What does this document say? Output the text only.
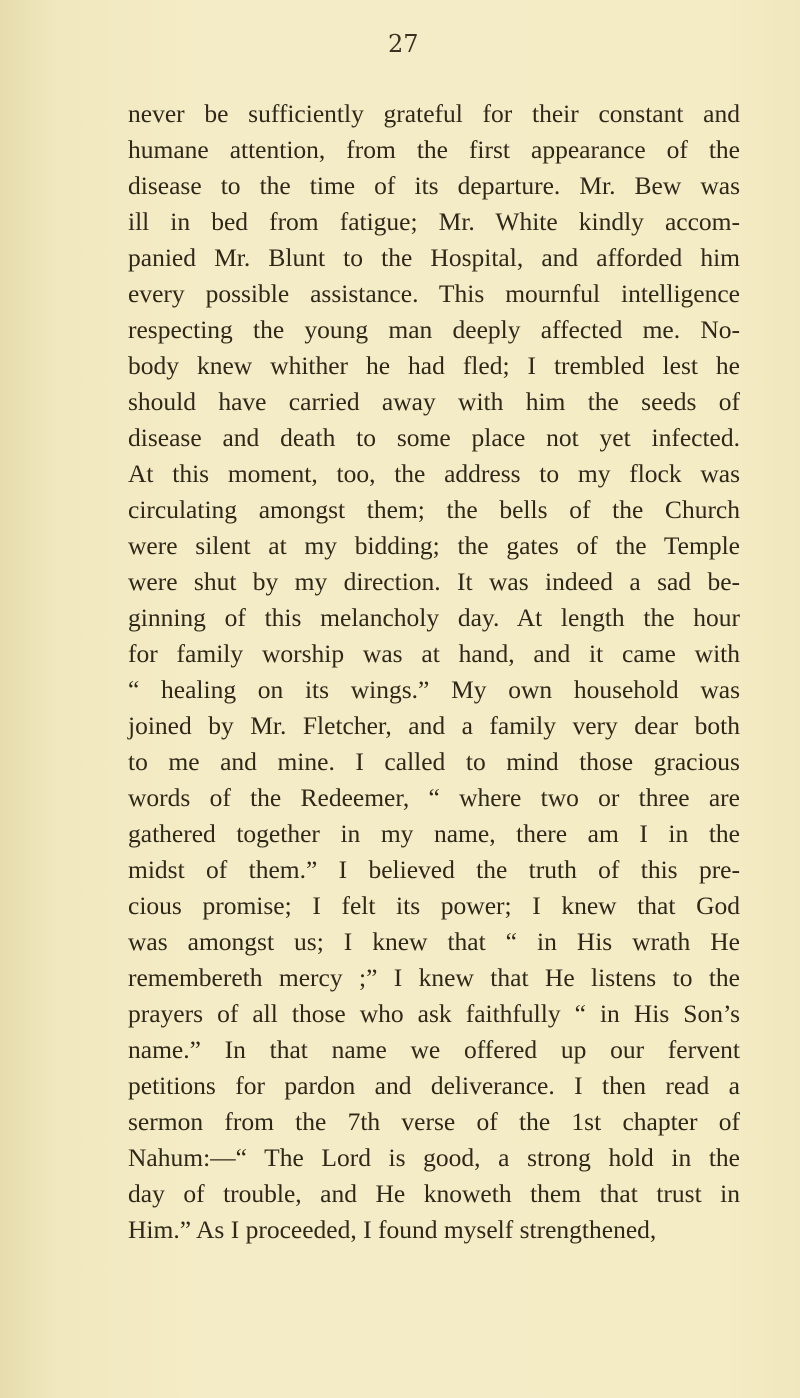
27
never be sufficiently grateful for their constant and
humane attention, from the first appearance of the
disease to the time of its departure. Mr. Bew was
ill in bed from fatigue; Mr. White kindly accom-
panied Mr. Blunt to the Hospital, and afforded him
every possible assistance. This mournful intelligence
respecting the young man deeply affected me. No-
body knew whither he had fled; I trembled lest he
should have carried away with him the seeds of
disease and death to some place not yet infected.
At this moment, too, the address to my flock was
circulating amongst them; the bells of the Church
were silent at my bidding; the gates of the Temple
were shut by my direction. It was indeed a sad be-
ginning of this melancholy day. At length the hour
for family worship was at hand, and it came with
“ healing on its wings.” My own household was
joined by Mr. Fletcher, and a family very dear both
to me and mine. I called to mind those gracious
words of the Redeemer, “ where two or three are
gathered together in my name, there am I in the
midst of them.” I believed the truth of this pre-
cious promise; I felt its power; I knew that God
was amongst us; I knew that “ in His wrath He
remembereth mercy ;” I knew that He listens to the
prayers of all those who ask faithfully “ in His Son’s
name.” In that name we offered up our fervent
petitions for pardon and deliverance. I then read a
sermon from the 7th verse of the 1st chapter of
Nahum:—“ The Lord is good, a strong hold in the
day of trouble, and He knoweth them that trust in
Him.” As I proceeded, I found myself strengthened,
